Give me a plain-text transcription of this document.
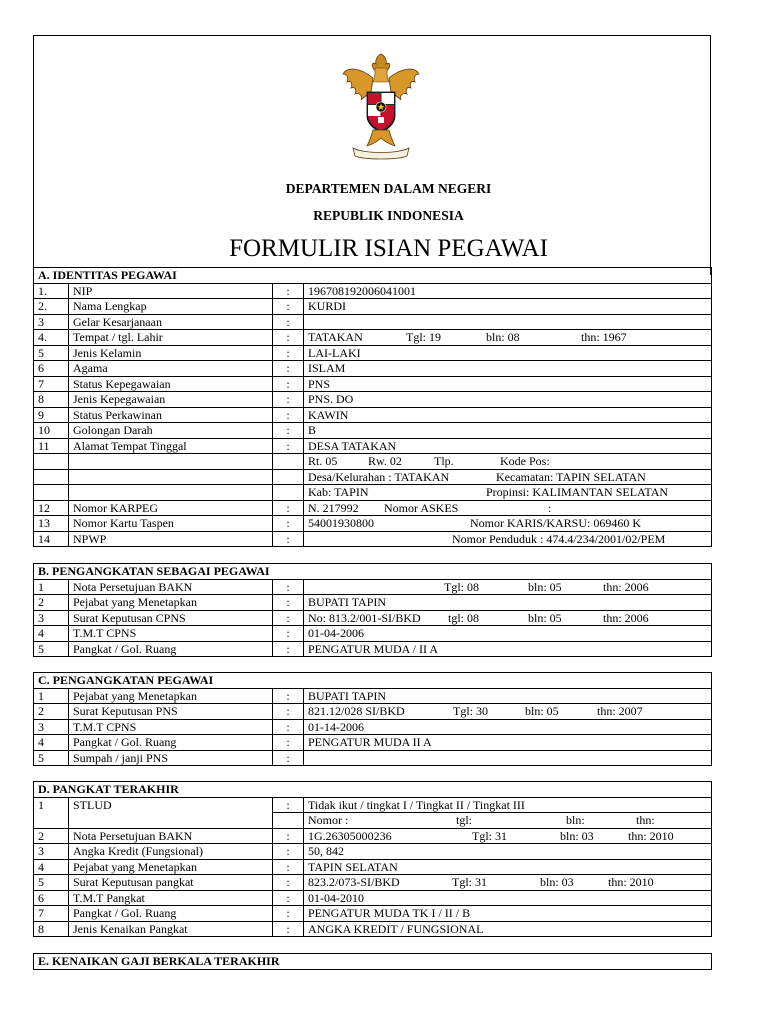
DEPARTEMEN DALAM NEGERI
REPUBLIK INDONESIA
FORMULIR ISIAN PEGAWAI
A. IDENTITAS PEGAWAI			
1.	NIP	:	196708192006041001
2.	Nama Lengkap	:	KURDI
3	Gelar Kesarjanaan	:	
4.	Tempat / tgl. Lahir	:	TATAKAN Tgl: 19 bln: 08 thn: 1967
5	Jenis Kelamin	:	LAI-LAKI
6	Agama	:	ISLAM
7	Status Kepegawaian	:	PNS
8	Jenis Kepegawaian	:	PNS. DO
9	Status Perkawinan	:	KAWIN
10	Golongan Darah	:	B
11	Alamat Tempat Tinggal	:	DESA TATAKAN
			Rt. 05 Rw. 02 Tlp. Kode Pos:
			Desa/Kelurahan : TATAKAN Kecamatan: TAPIN SELATAN
			Kab: TAPIN Propinsi: KALIMANTAN SELATAN
12	Nomor KARPEG	:	N. 217992 Nomor ASKES :
13	Nomor Kartu Taspen	:	54001930800 Nomor KARIS/KARSU: 069460 K
14	NPWP	:	Nomor Penduduk : 474.4/234/2001/02/PEM
B. PENGANGKATAN SEBAGAI PEGAWAI			
1	Nota Persetujuan BAKN	:	Tgl: 08 bln: 05 thn: 2006
2	Pejabat yang Menetapkan	:	BUPATI TAPIN
3	Surat Keputusan CPNS	:	No: 813.2/001-SI/BKD tgl: 08 bln: 05 thn: 2006
4	T.M.T CPNS	:	01-04-2006
5	Pangkat / Gol. Ruang	:	PENGATUR MUDA / II A
C. PENGANGKATAN PEGAWAI			
1	Pejabat yang Menetapkan	:	BUPATI TAPIN
2	Surat Keputusan PNS	:	821.12/028 SI/BKD Tgl: 30 bln: 05 thn: 2007
3	T.M.T CPNS	:	01-14-2006
4	Pangkat / Gol. Ruang	:	PENGATUR MUDA II A
5	Sumpah / janji PNS	:	
D. PANGKAT TERAKHIR			
1	STLUD	:	Tidak ikut / tingkat I / Tingkat II / Tingkat III
			Nomor : tgl: bln: thn:
2	Nota Persetujuan BAKN	:	1G.26305000236 Tgl: 31 bln: 03 thn: 2010
3	Angka Kredit (Fungsional)	:	50, 842
4	Pejabat yang Menetapkan	:	TAPIN SELATAN
5	Surat Keputusan pangkat	:	823.2/073-SI/BKD Tgl: 31 bln: 03 thn: 2010
6	T.M.T Pangkat	:	01-04-2010
7	Pangkat / Gol. Ruang	:	PENGATUR MUDA TK I / II / B
8	Jenis Kenaikan Pangkat	:	ANGKA KREDIT / FUNGSIONAL
E. KENAIKAN GAJI BERKALA TERAKHIR
